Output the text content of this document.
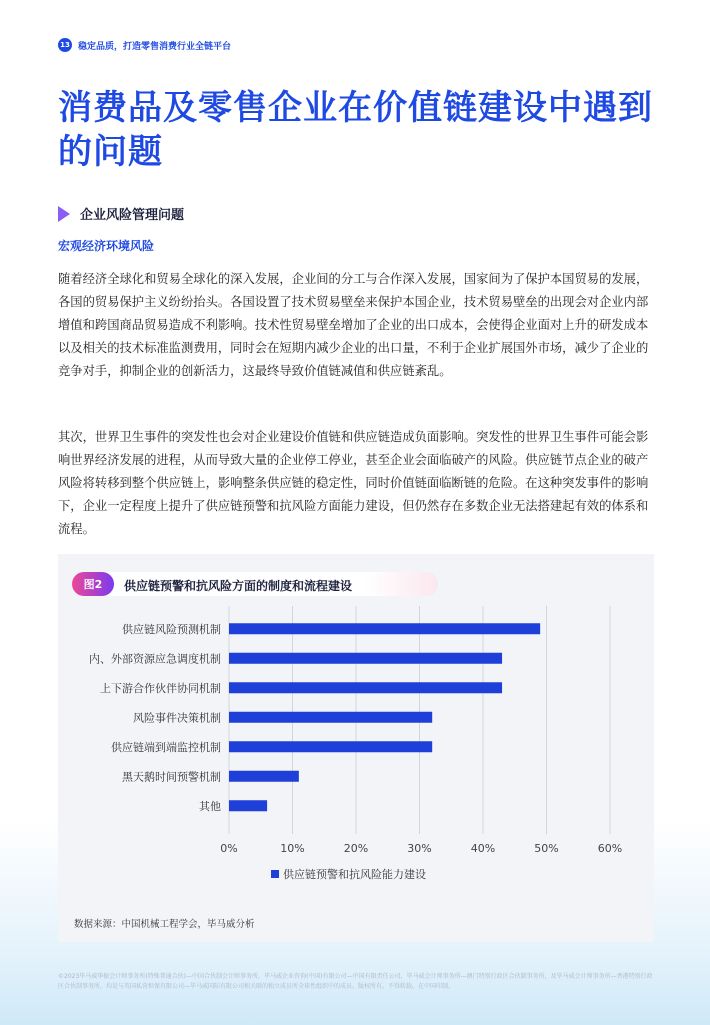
13 稳定品质，打造零售消费行业全链平台
消费品及零售企业在价值链建设中遇到的问题
企业风险管理问题
宏观经济环境风险

随着经济全球化和贸易全球化的深入发展，企业间的分工与合作深入发展，国家间为了保护本国贸易的发展，各国的贸易保护主义纷纷抬头。各国设置了技术贸易壁垒来保护本国企业，技术贸易壁垒的出现会对企业内部增值和跨国商品贸易造成不利影响。技术性贸易壁垒增加了企业的出口成本，会使得企业面对上升的研发成本以及相关的技术标准监测费用，同时会在短期内减少企业的出口量，不利于企业扩展国外市场，减少了企业的竞争对手，抑制企业的创新活力，这最终导致价值链减值和供应链紊乱。

其次，世界卫生事件的突发性也会对企业建设价值链和供应链造成负面影响。突发性的世界卫生事件可能会影响世界经济发展的进程，从而导致大量的企业停工停业，甚至企业会面临破产的风险。供应链节点企业的破产风险将转移到整个供应链上，影响整条供应链的稳定性，同时价值链面临断链的危险。在这种突发事件的影响下，企业一定程度上提升了供应链预警和抗风险方面能力建设，但仍然存在多数企业无法搭建起有效的体系和流程。

图2	供应链预警和抗风险方面的制度和流程建设
0%	10%	20%	30%	40%	50%	60%
供应链风险预测机制
内、外部资源应急调度机制
上下游合作伙伴协同机制
风险事件决策机制
供应链端到端监控机制
黑天鹅时间预警机制
其他
供应链预警和抗风险能力建设
数据来源：中国机械工程学会，毕马威分析
©2023毕马威华振会计师事务所(特殊普通合伙)—中国合伙制会计师事务所，毕马威企业咨询(中国)有限公司—中国有限责任公司，毕马威会计师事务所—澳门特别行政区合伙制事务所，及毕马威会计师事务所—香港特别行政区合伙制事务所，均是与英国私营担保有限公司—毕马威国际有限公司相关联的独立成员所全球性组织中的成员。版权所有，不得转载。在中国印制。
